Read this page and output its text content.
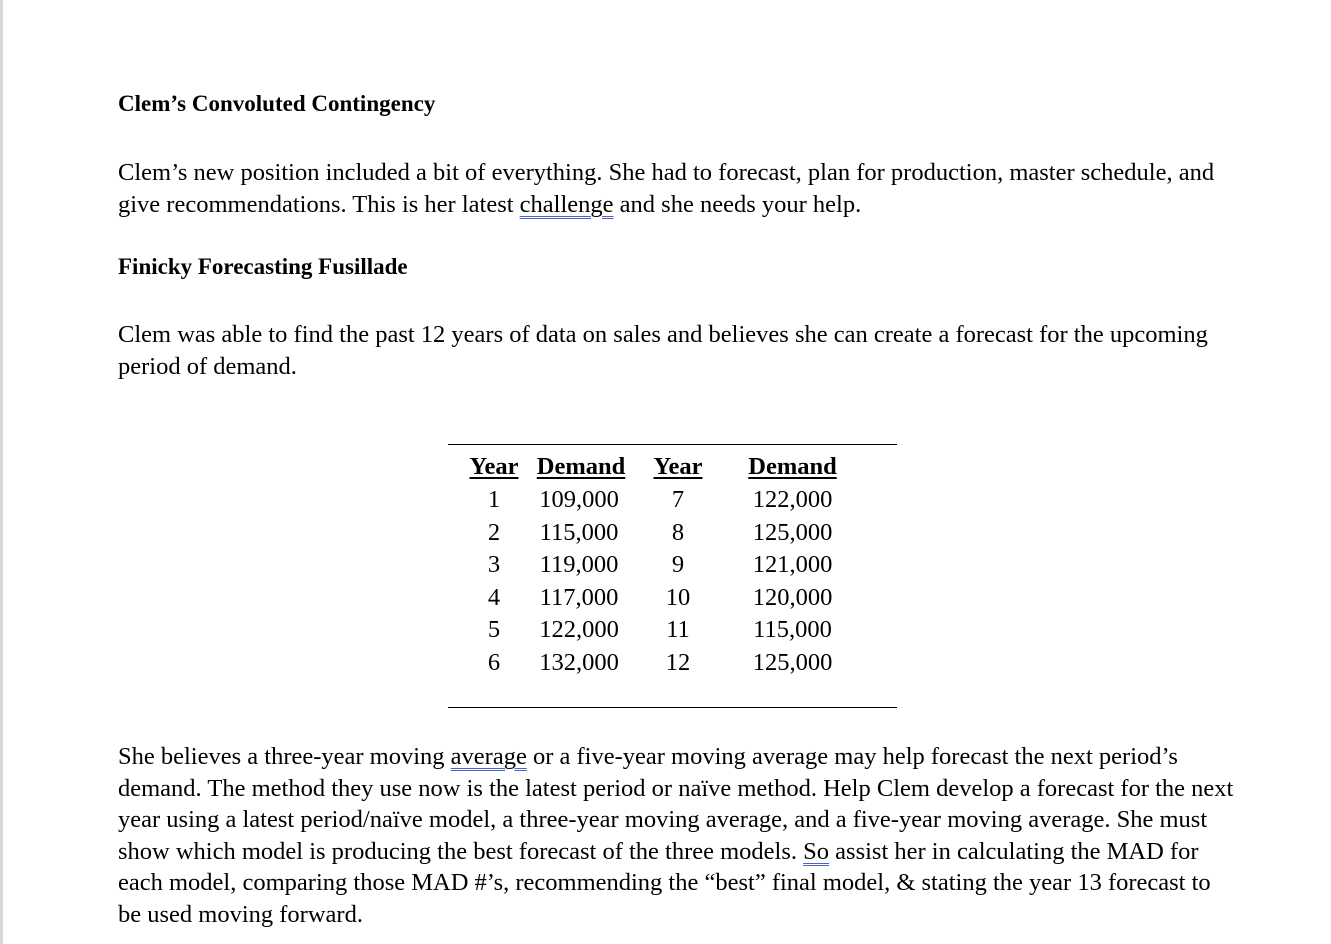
Clem’s Convoluted Contingency
Clem’s new position included a bit of everything. She had to forecast, plan for production, master schedule, and give recommendations. This is her latest challenge and she needs your help.
Finicky Forecasting Fusillade
Clem was able to find the past 12 years of data on sales and believes she can create a forecast for the upcoming period of demand.
She believes a three-year moving average or a five-year moving average may help forecast the next period’s demand. The method they use now is the latest period or naïve method. Help Clem develop a forecast for the next year using a latest period/naïve model, a three-year moving average, and a five-year moving average. She must show which model is producing the best forecast of the three models. So assist her in calculating the MAD for each model, comparing those MAD #’s, recommending the “best” final model, & stating the year 13 forecast to be used moving forward.
Year	Demand	Year	Demand
1	109,000	7	122,000
2	115,000	8	125,000
3	119,000	9	121,000
4	117,000	10	120,000
5	122,000	11	115,000
6	132,000	12	125,000
